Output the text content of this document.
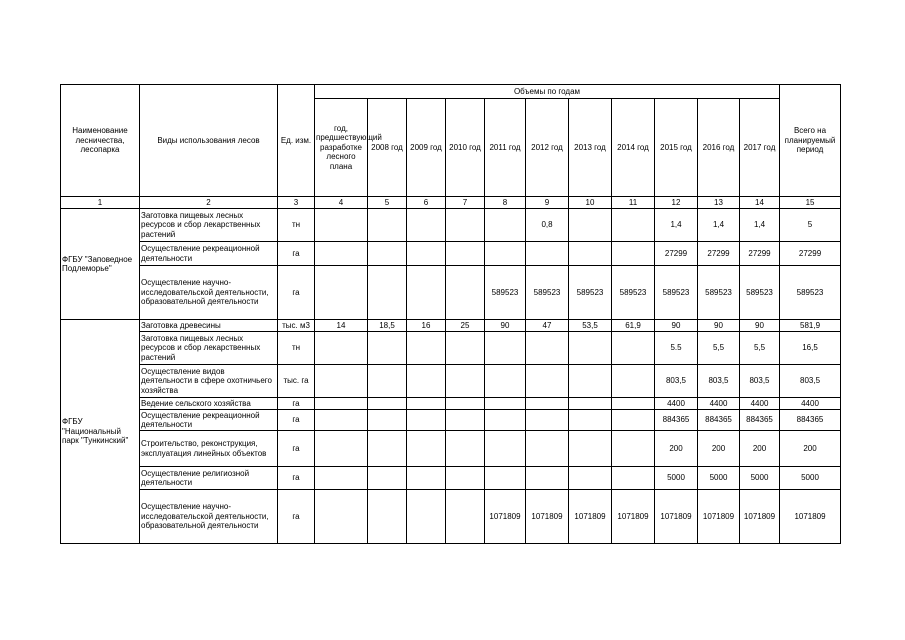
Наименование лесничества, лесопарка	Виды использования лесов	Ед. изм.	Объемы по годам											Всего на планируемый период
			год, предшествующий разработке лесного плана	2008 год	2009 год	2010 год	2011 год	2012 год	2013 год	2014 год	2015 год	2016 год	2017 год	
1	2	3	4	5	6	7	8	9	10	11	12	13	14	15
ФГБУ "Заповедное Подлеморье"	Заготовка пищевых лесных ресурсов и сбор лекарственных растений	тн						0,8			1,4	1,4	1,4	5
	Осуществление рекреационной деятельности	га									27299	27299	27299	27299
	Осуществление научно-исследовательской деятельности, образовательной деятельности	га					589523	589523	589523	589523	589523	589523	589523	589523
ФГБУ "Национальный парк "Тункинский"	Заготовка древесины	тыс. м3	14	18,5	16	25	90	47	53,5	61,9	90	90	90	581,9
	Заготовка пищевых лесных ресурсов и сбор лекарственных растений	тн									5.5	5,5	5,5	16,5
	Осуществление видов деятельности в сфере охотничьего хозяйства	тыс. га									803,5	803,5	803,5	803,5
	Ведение сельского хозяйства	га									4400	4400	4400	4400
	Осуществление рекреационной деятельности	га									884365	884365	884365	884365
	Строительство, реконструкция, эксплуатация линейных объектов	га									200	200	200	200
	Осуществление религиозной деятельности	га									5000	5000	5000	5000
	Осуществление научно-исследовательской деятельности, образовательной деятельности	га					1071809	1071809	1071809	1071809	1071809	1071809	1071809	1071809
